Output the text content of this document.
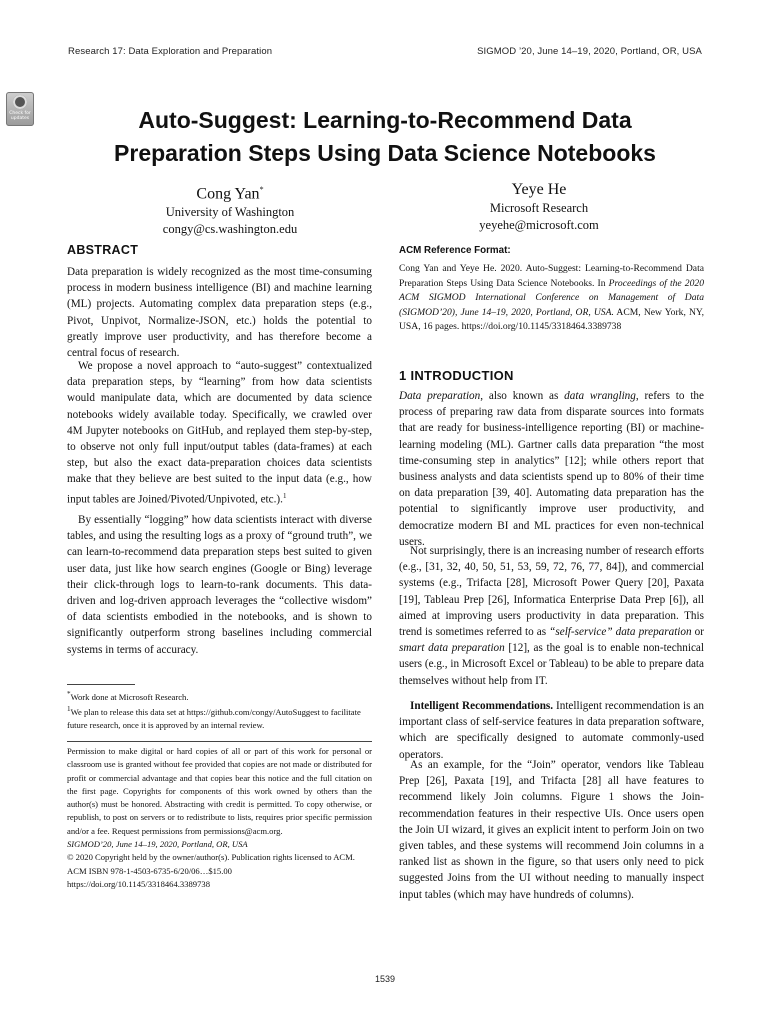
Research 17: Data Exploration and Preparation	SIGMOD ’20, June 14–19, 2020, Portland, OR, USA
Check for updates	Auto-Suggest: Learning-to-Recommend Data
Preparation Steps Using Data Science Notebooks
Cong Yan*
University of Washington
congy@cs.washington.edu
Yeye He
Microsoft Research
yeyehe@microsoft.com
ABSTRACT

Data preparation is widely recognized as the most time-consuming process in modern business intelligence (BI) and machine learning (ML) projects. Automating complex data preparation steps (e.g., Pivot, Unpivot, Normalize-JSON, etc.) holds the potential to greatly improve user productivity, and has therefore become a central focus of research.

We propose a novel approach to “auto-suggest” contextualized data preparation steps, by “learning” from how data scientists would manipulate data, which are documented by data science notebooks widely available today. Specifically, we crawled over 4M Jupyter notebooks on GitHub, and replayed them step-by-step, to observe not only full input/output tables (data-frames) at each step, but also the exact data-preparation choices data scientists make that they believe are best suited to the input data (e.g., how input tables are Joined/Pivoted/Unpivoted, etc.).$^1$

By essentially “logging” how data scientists interact with diverse tables, and using the resulting logs as a proxy of “ground truth”, we can learn-to-recommend data preparation steps best suited to given user data, just like how search engines (Google or Bing) leverage their click-through logs to learn-to-rank documents. This data-driven and log-driven approach leverages the “collective wisdom” of data scientists embodied in the notebooks, and is shown to significantly outperform strong baselines including commercial systems in terms of accuracy.

*Work done at Microsoft Research.

$^1$We plan to release this data set at https://github.com/congy/AutoSuggest to facilitate future research, once it is approved by an internal review.

Permission to make digital or hard copies of all or part of this work for personal or classroom use is granted without fee provided that copies are not made or distributed for profit or commercial advantage and that copies bear this notice and the full citation on the first page. Copyrights for components of this work owned by others than the author(s) must be honored. Abstracting with credit is permitted. To copy otherwise, or republish, to post on servers or to redistribute to lists, requires prior specific permission and/or a fee. Request permissions from permissions@acm.org.

SIGMOD’20, June 14–19, 2020, Portland, OR, USA

© 2020 Copyright held by the owner/author(s). Publication rights licensed to ACM.

ACM ISBN 978-1-4503-6735-6/20/06…$15.00

https://doi.org/10.1145/3318464.3389738

ACM Reference Format:

Cong Yan and Yeye He. 2020. Auto-Suggest: Learning-to-Recommend Data Preparation Steps Using Data Science Notebooks. In Proceedings of the 2020 ACM SIGMOD International Conference on Management of Data (SIGMOD’20), June 14–19, 2020, Portland, OR, USA. ACM, New York, NY, USA, 16 pages. https://doi.org/10.1145/3318464.3389738

1 INTRODUCTION

Data preparation, also known as data wrangling, refers to the process of preparing raw data from disparate sources into formats that are ready for business-intelligence reporting (BI) or machine-learning modeling (ML). Gartner calls data preparation “the most time-consuming step in analytics” [12]; while others report that business analysts and data scientists spend up to 80% of their time on data preparation [39, 40]. Automating data preparation has the potential to significantly improve user productivity, and democratize modern BI and ML practices for even non-technical users.

Not surprisingly, there is an increasing number of research efforts (e.g., [31, 32, 40, 50, 51, 53, 59, 72, 76, 77, 84]), and commercial systems (e.g., Trifacta [28], Microsoft Power Query [20], Paxata [19], Tableau Prep [26], Informatica Enterprise Data Prep [6]), all aimed at improving users productivity in data preparation. This trend is sometimes referred to as “self-service” data preparation or smart data preparation [12], as the goal is to enable non-technical users (e.g., in Microsoft Excel or Tableau) to be able to prepare data themselves without help from IT.

Intelligent Recommendations. Intelligent recommendation is an important class of self-service features in data preparation software, which are specifically designed to automate commonly-used operators.

As an example, for the “Join” operator, vendors like Tableau Prep [26], Paxata [19], and Trifacta [28] all have features to recommend likely Join columns. Figure 1 shows the Join-recommendation features in their respective UIs. Once users open the Join UI wizard, it gives an explicit intent to perform Join on two given tables, and these systems will recommend Join columns in a ranked list as shown in the figure, so that users only need to pick suggested Joins from the UI without needing to manually inspect input tables (which may have hundreds of columns).

1539
